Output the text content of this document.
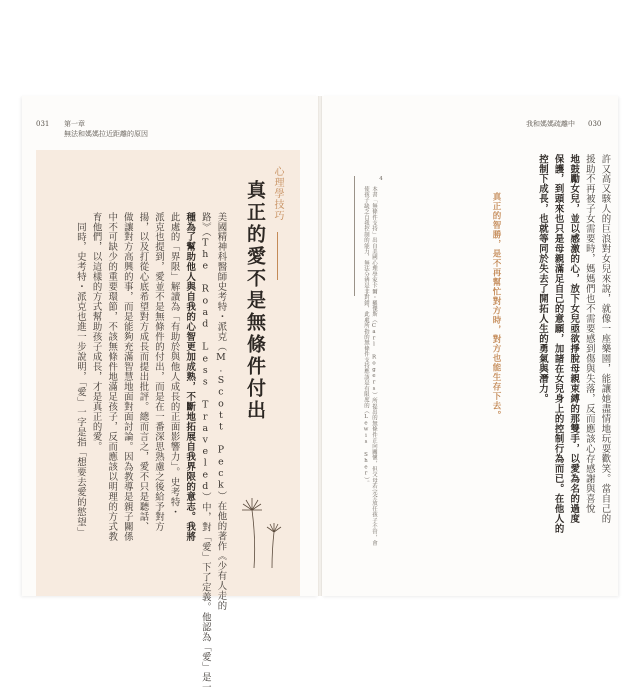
031 第一章
無法和媽媽拉近距離的原因
心理學技巧
真正的愛不是無條件付出
美國精神科醫師史考特・派克（M.Scott Peck）在他的著作《少有人走的
路》（The Road Less Traveled）中，對「愛」下了定義。他認為「愛」是一
種為了幫助他人與自我的心智更加成熟，不斷地拓展自我界限的意志。我將
此處的「界限」解讀為「有助於與他人成長的正面影響力」。史考特・
派克也提到，愛並不是無條件的付出，而是在一番深思熟慮之後給予對方
揚，以及打從心底希望對方成長而提出批評。總而言之，愛不只是聽話、
做讓對方高興的事，而是能夠充滿智慧地面對面討論。因為教導是親子關係
中不可缺少的重要環節，不該無條件地滿足孩子，反而應該以明理的方式教
育他們，以這樣的方式幫助孩子成長，才是真正的愛。
同時，史考特・派克也進一步說明，「愛」一字是指「想要去愛的慾望」
我和媽媽疏離中 030
許又高又駭人的巨浪對女兒來說，就像一座樂園，能讓她盡情地玩耍歡笑。當自己的
援助不再被子女需要時，媽媽們也不需要感到傷與失落，反而應該心存感謝與喜悅
地鼓勵女兒，並以感激的心，放下女兒亟欲掙脫母親束縛的那雙手，以愛為名的過度
保護，到頭來也只是母親滿足自己的意願，加諸在女兒身上的控制行為而已。在他人的
控制下成長，也就等同於失去了開拓人生的勇氣與潛力。
真正的智勝，是不再幫忙對方時，對方也能生存下去。
4
本書「無條件支持」出自美國心理學家卡爾・羅傑斯（Carl Rogers）所提出的無條件正向關懷，但父母若完全放任孩子不管，會
使孩子缺乏自我控制的能力，無法分辨是非對錯，此處所指的無條件支持應該是有限度的（Lewis Sher）。
